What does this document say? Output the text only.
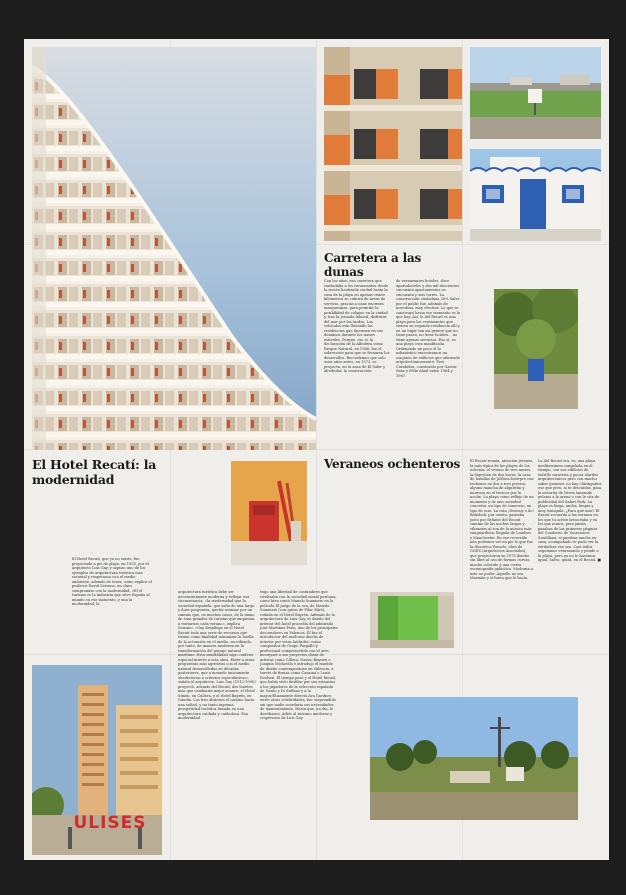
Carretera a las dunas
Con los años, esa carretera que trasladaba a los veraneantes desde la recién bautizada ciudad hasta la casa de la playa en apenas veinte kilómetros se cubrirá de áreas de servicio, gracias a unas enormes marquesinas, para permitir la posibilidad de colapso en la ciudad y, tras la jornada laboral, disfrutar del mar por las tardes. Los vehículos irán llenando las residencias que duermen en sus dominios durante los meses estivales. Porque, eso sí, la declaración de la Albufera como Parque Natural, en 1986, fue el sobrecoste para que se frenaran los desarrollos. Recordemos que solo unos años antes, en 1973, se proyecta, en la zona de El Saler y alrededor, la construcción
de veraneantes hoteles, doce apartahoteles y dos mil doscientos cincuenta apartamentos en cincuenta y seis torres. La construcción ciudadana 35% Saler por el public fue, además de novedosa, muy efectiva. Lo que se construyó hasta ese momento es lo que hay. Así, la del Recatí es una playa para los veraneantes que vienen su segunda residencia allí y en un lugar tan así genere que no tiene paseo, no tiene hoteles... no tiene apenas servicios. Eso sí, es una playa cera maníficada. Ordenando un poco el lo urbanístico encontramos un conjunto de edificios que adornado arquitectónicamente: Tres Carabelas, construido por García-Sanz y Félix Abad entre 1964 y 1967.
El Hotel Recatí: la modernidad
El Hotel Recatí, que ya no existe, fue proyectado a pie de playa, en 1955, por el arquitecto Luis Gay, y supuso uno de los ejemplos de arquitectura turística más racional y respetuosa con el medio ambiente, además de tener, como explica el profesor David Serrano, un claro compromiso con la modernidad. «El el turismo es la industria que sitve España al mundo en ese momento, y una la modernidad, la
arquitectura turística debe ser necesariamente moderna y reflejar esa circunstancia, «la modernidad que la sociedad española, que salía de una larga y dura posguerra, quería avanzar por un camino que, en muchos casos, de la mano de esas grandes de turistas que empiezan a visitarnos cada verano», explica Serrano. «Gay despliega en el Hotel Recatí toda una serie de recursos que tienen como finalidad minimizar la huella de la actuación en el medio, sucediendo, por tanto, de manera moderna en la transformación del paisaje natural marítimo. Esta sensibilidad supo conferir especial interés a esta obra. Entre a otras propuestas más agresivas con el medio natural desarrolladas en décadas posteriores, que a menudo únicamente obedecieron a criterios especulativos», señala el arquitecto. Luis Gay (1912-1990) proyectó, además del Recatí, dos hoteles más que cambiaría mejor avance: el Hotel Simón, en Cullera, y el Hotel Bayrén, en Gandía. Los tres abrieron el camino hacia una soltad, y un tanto ingenua, prosperidad turística basada en una arquitectura cuidada y cuidadosa. Esa modernidad
trajo una libertad de costumbres que rivalizaba con la sociedad moral puritana, como bien contó Manolo Summers en la película El juego de la oca, de Manolo Summers (con guion de Pilar Miró), rodada en el Hotel Bayrén. Además de la arquitectura de Luis Gay, el diseño del interior del hotel procedía del admirado José Martínez Peris, uno de los principales decoradores en Valencia. Él fue el introductor del moderno diseño de interior por estas latitudes: como compositor de Grupo Parpalló y profesional comprometido con el arte, incorporó a sus proyectos obras de artistas como Cillero, Nassio Bayarri o Joaquín Michavila e introdujo el mueble de diseño contemporáneo en Valencia, a través de firmas como Casaina o Louis Poulsen. El tiempo pasó y el Hotel Recatí, que había visto desfilar por sus estancias a los jugadores de la selección española de Gento y Di Stéfano y a la mayor/Elizamente directa Ava Gardner, entre otras celebridades, fue sorprendido sin que nadie acordaría sus necesidades de mantenimiento. Hasta que, un día, lo derribaron. Adiós al turismo moderno y respetuoso de Luis Gay.
Veraneos ochenteros	El Recatí reunía, atención jóvenes, la más típica de las playas de los ochenta: el verano de tres meses, la digestión de dos horas, la caza de batallas de Joëlsea-Interpre con techones en dos a tres precios, alguna mancha de alquitrán y morrosa en el frescor por la noche. La playa como reflejo de un momento y de una sociedad concreta: un tipo de comercio, un tipo de ocio. La ruta ¡Destroy o do! Bahobob, por ciento, paseaba justo por delante del Recatí camino de las noches largas y vibrantes al son de la música más vanguardista: llegada de Londres y Manchester. En ese recorrido aún podemos ver en pie lo que fue la discoteca Pomelo, obra de GOES (Arquitectos Asociados), que proyectaron en 1970 diseño sin libre al uso de formas curvas, mucho colorido y una cierta escenografía galáctica. Moderna a más no poder. Aquello no era Marmita y sí fuera que le hacía.
La del Recatí era, es, una playa mediterránea congelada en el tiempo, con sus edificios de ladrillo caravista y pocos alardes arquitectónicos pero con mucho saber genuino: no hay chiringuitos ese que pero, si te descuidas, pasa la señorita de Nivea lanzando pelotas a la arena o con le cita de publicidad del Safari Park. La playa es larga, ancha, limpia y muy tranquila. ¿Para qué más? El Recatí recuerda a los veranos en los que tu aceite bronceaba y en los que nunca, pero jamás, pasabas de las primeras páginas del Cuaderno de Vacaciones Santillana: si parabas mucho en casa, acompañado se pudo ver la verdadera eso sea. Casi todos seguíamos veraneando y pende a la playa, pero ya no lo hacemos igual. Salvo, quizá, en el Recatí. ■
ULISES
